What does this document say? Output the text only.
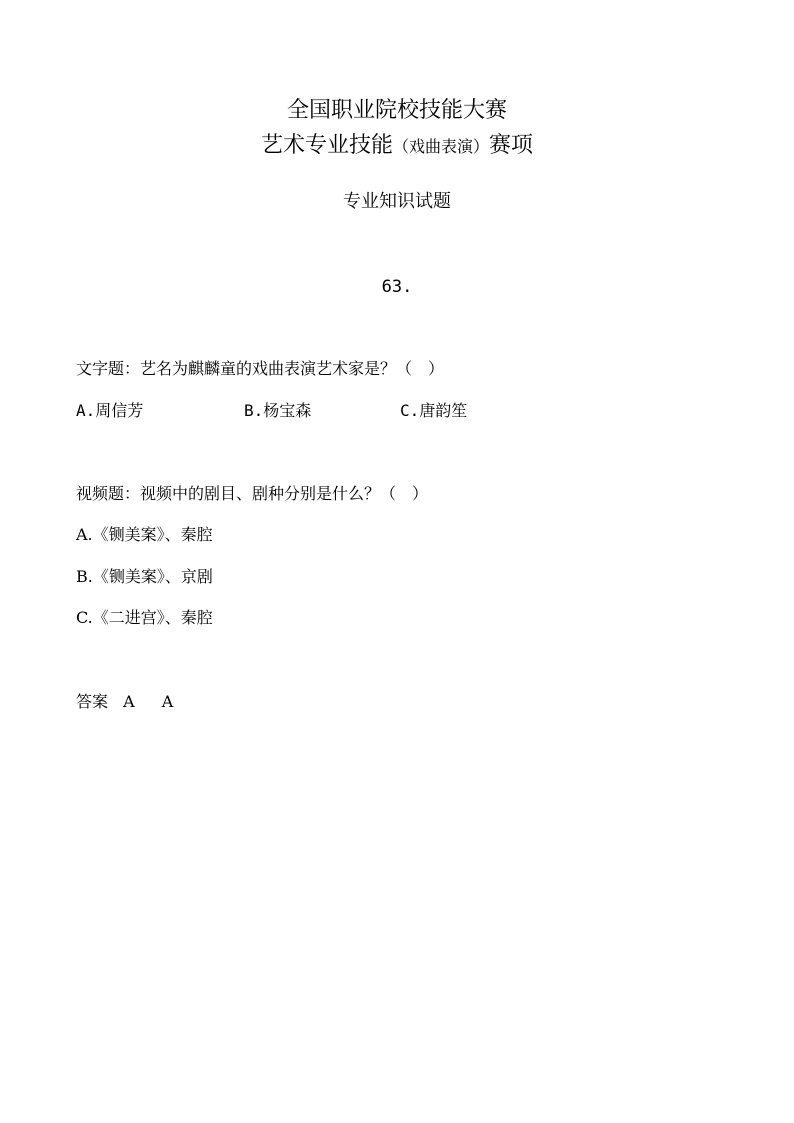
全国职业院校技能大赛
艺术专业技能（戏曲表演）赛项
专业知识试题
63.
文字题：艺名为麒麟童的戏曲表演艺术家是？（　）
A.周信芳	B.杨宝森	C.唐韵笙
视频题：视频中的剧目、剧种分别是什么？（　）
A.《铡美案》、秦腔
B.《铡美案》、京剧
C.《二进宫》、秦腔
答案 A A
